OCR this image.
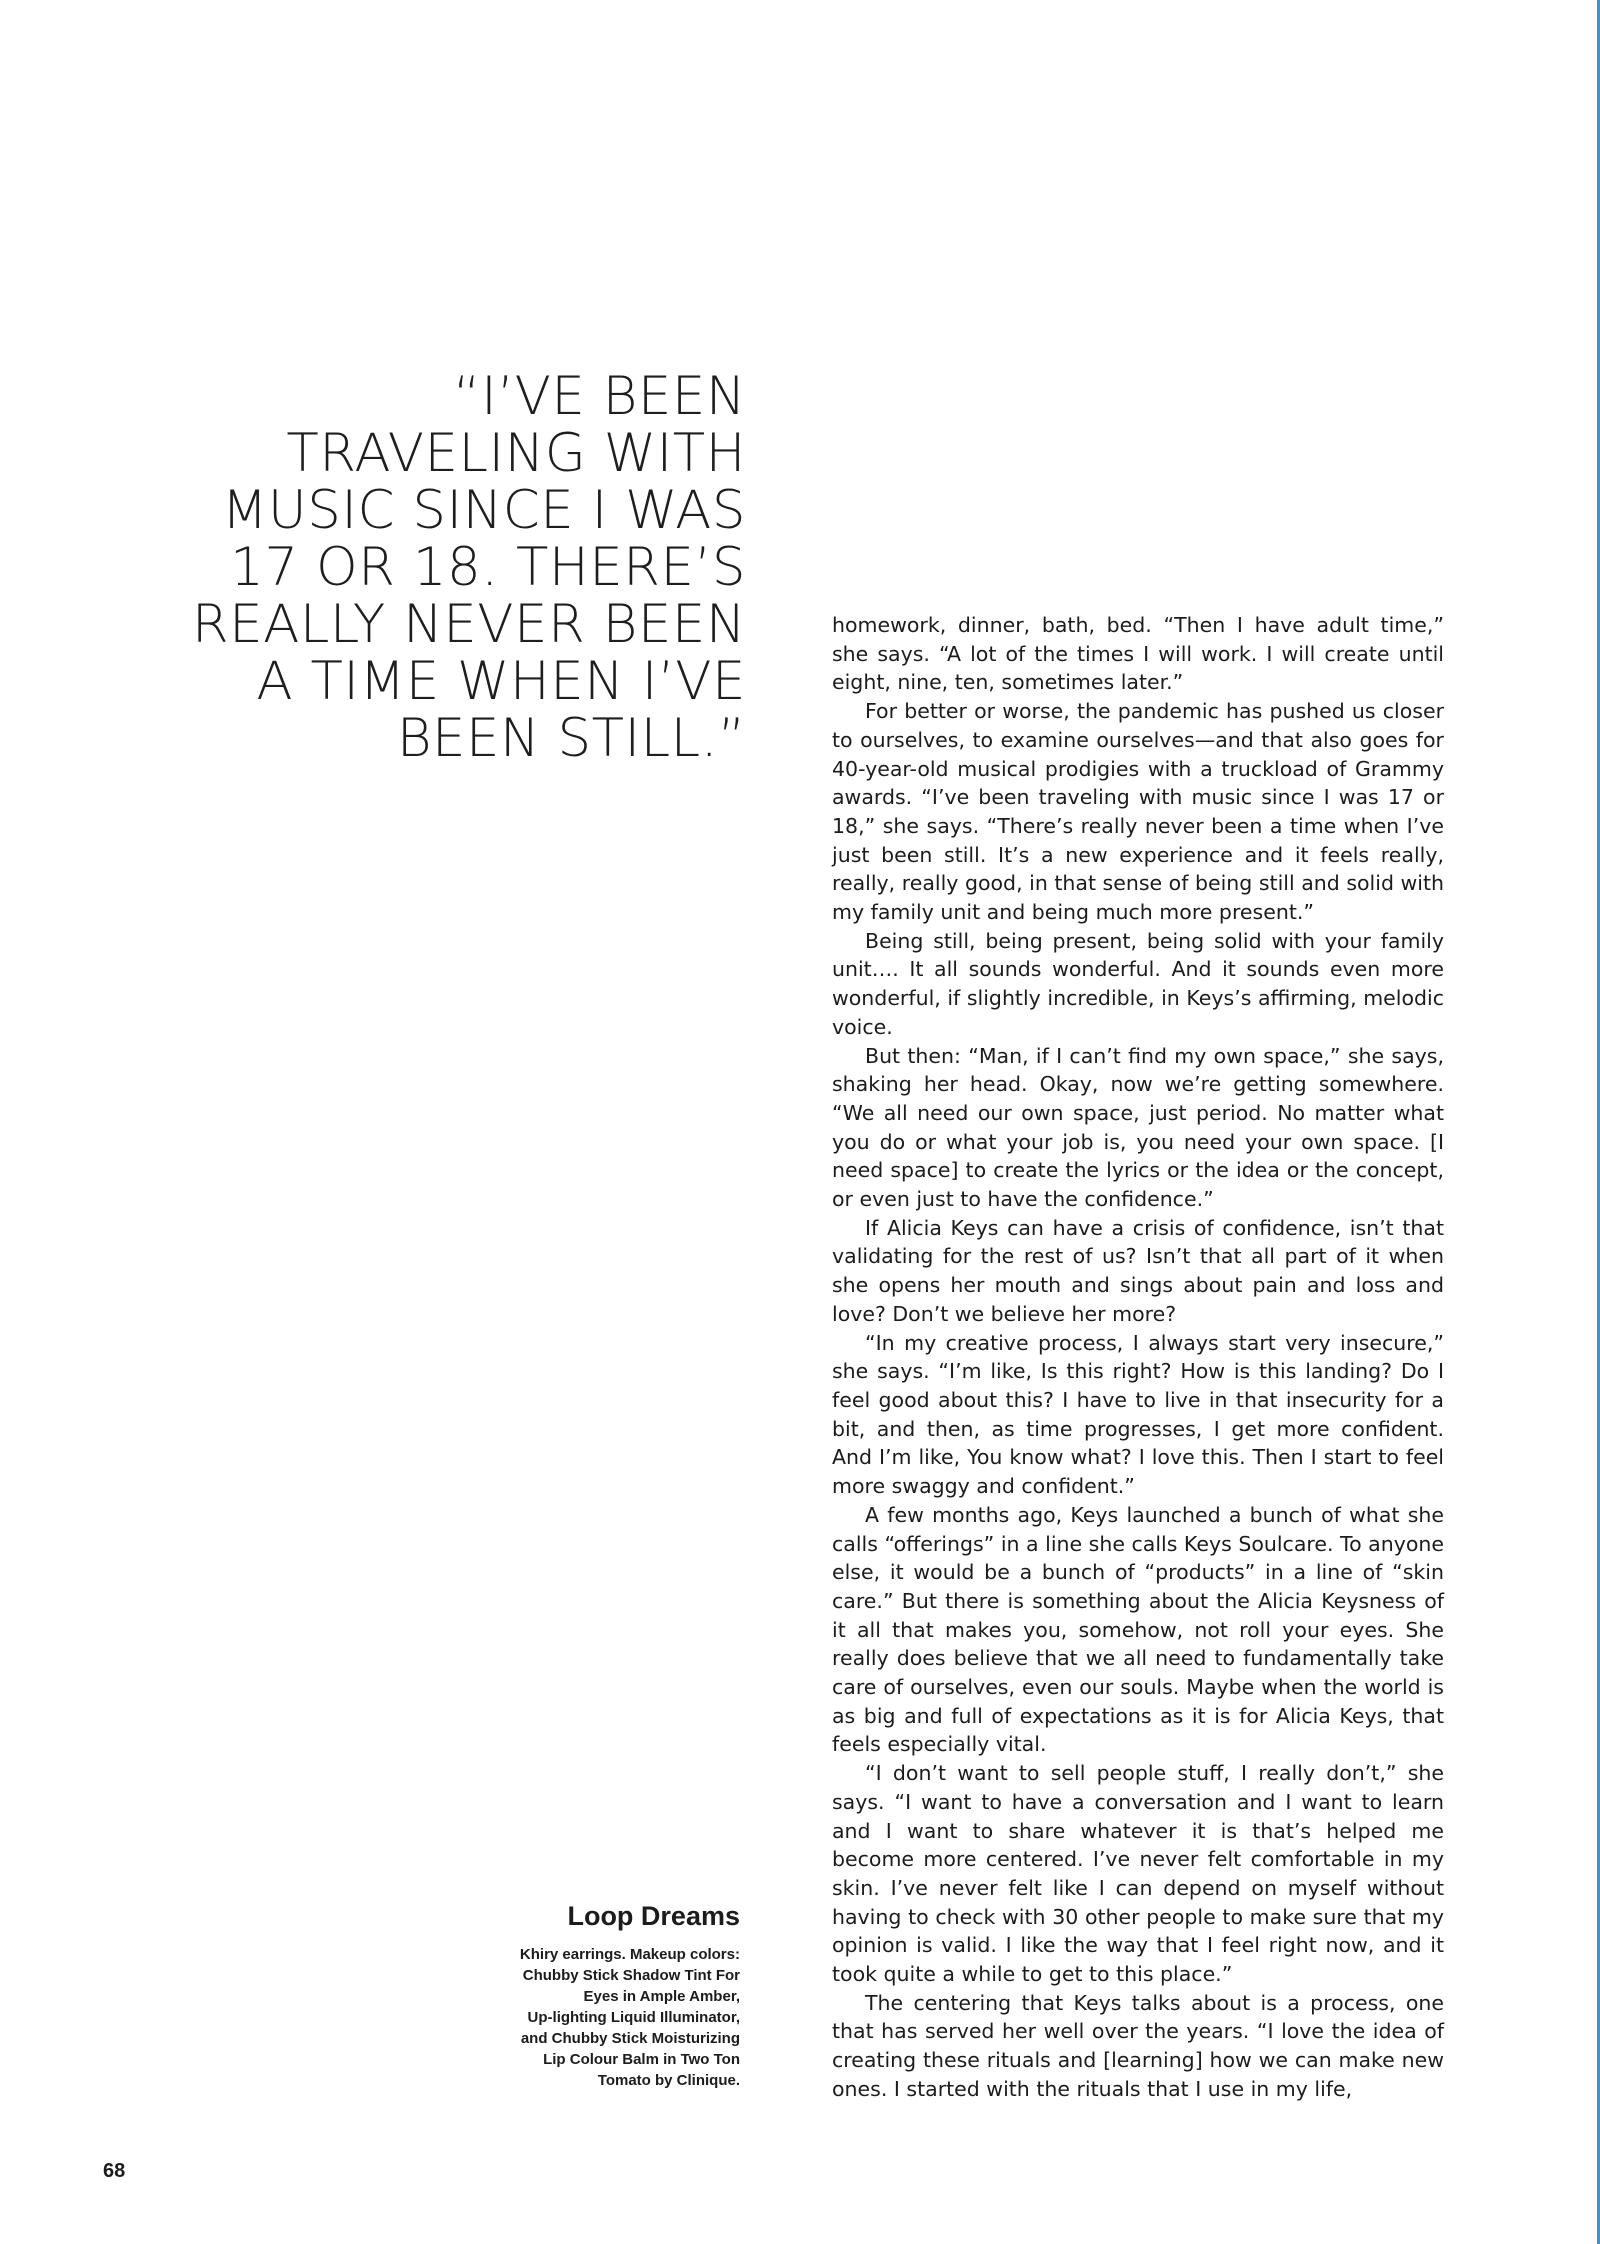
“I’VE BEEN
TRAVELING WITH
MUSIC SINCE I WAS
17 OR 18. THERE’S
REALLY NEVER BEEN
A TIME WHEN I’VE
BEEN STILL.”
Loop Dreams
Khiry earrings. Makeup colors:
Chubby Stick Shadow Tint For
Eyes in Ample Amber,
Up-lighting Liquid Illuminator,
and Chubby Stick Moisturizing
Lip Colour Balm in Two Ton
Tomato by Clinique.

homework, dinner, bath, bed. “Then I have adult time,” she says. “A lot of the times I will work. I will create until eight, nine, ten, sometimes later.”

For better or worse, the pandemic has pushed us closer to ourselves, to examine ourselves—and that also goes for 40-year-old musical prodigies with a truckload of Grammy awards. “I’ve been traveling with music since I was 17 or 18,” she says. “There’s really never been a time when I’ve just been still. It’s a new experience and it feels really, really, really good, in that sense of being still and solid with my family unit and being much more present.”

Being still, being present, being solid with your family unit…. It all sounds wonderful. And it sounds even more wonderful, if slightly incredible, in Keys’s affirming, melodic voice.

But then: “Man, if I can’t find my own space,” she says, shaking her head. Okay, now we’re getting somewhere. “We all need our own space, just period. No matter what you do or what your job is, you need your own space. [I need space] to create the lyrics or the idea or the concept, or even just to have the confidence.”

If Alicia Keys can have a crisis of confidence, isn’t that validating for the rest of us? Isn’t that all part of it when she opens her mouth and sings about pain and loss and love? Don’t we believe her more?

“In my creative process, I always start very insecure,” she says. “I’m like, Is this right? How is this landing? Do I feel good about this? I have to live in that insecurity for a bit, and then, as time progresses, I get more confident. And I’m like, You know what? I love this. Then I start to feel more swaggy and confident.”

A few months ago, Keys launched a bunch of what she calls “offerings” in a line she calls Keys Soulcare. To anyone else, it would be a bunch of “products” in a line of “skin care.” But there is something about the Alicia Keysness of it all that makes you, somehow, not roll your eyes. She really does believe that we all need to fundamentally take care of ourselves, even our souls. Maybe when the world is as big and full of expectations as it is for Alicia Keys, that feels especially vital.

“I don’t want to sell people stuff, I really don’t,” she says. “I want to have a conversation and I want to learn and I want to share whatever it is that’s helped me become more centered. I’ve never felt comfortable in my skin. I’ve never felt like I can depend on myself without having to check with 30 other people to make sure that my opinion is valid. I like the way that I feel right now, and it took quite a while to get to this place.”

The centering that Keys talks about is a process, one that has served her well over the years. “I love the idea of creating these rituals and [learning] how we can make new ones. I started with the rituals that I use in my life,

68
